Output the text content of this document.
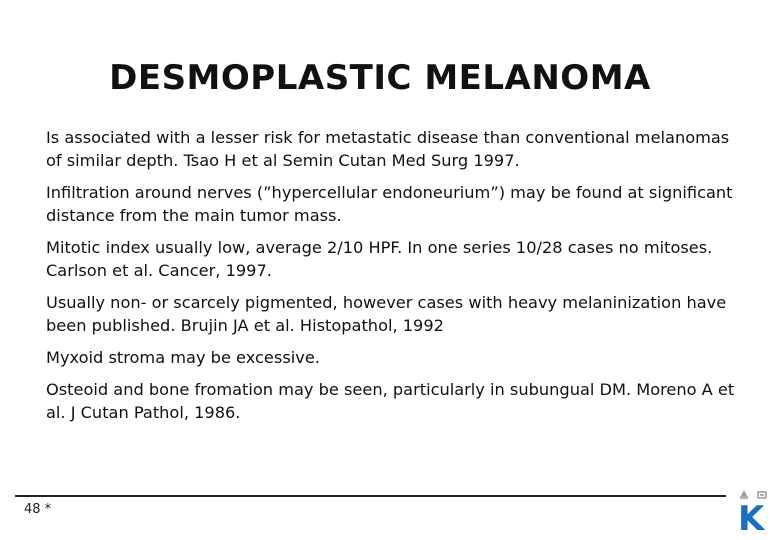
DESMOPLASTIC MELANOMA

Is associated with a lesser risk for metastatic disease than conventional melanomas of similar depth. Tsao H et al Semin Cutan Med Surg 1997.

Infiltration around nerves (”hypercellular endoneurium”) may be found at significant distance from the main tumor mass.

Mitotic index usually low, average 2/10 HPF. In one series 10/28 cases no mitoses. Carlson et al. Cancer, 1997.

Usually non- or scarcely pigmented, however cases with heavy melaninization have been published. Brujin JA et al. Histopathol, 1992

Myxoid stroma may be excessive.

Osteoid and bone fromation may be seen, particularly in subungual DM. Moreno A et al. J Cutan Pathol, 1986.

48 *	K
